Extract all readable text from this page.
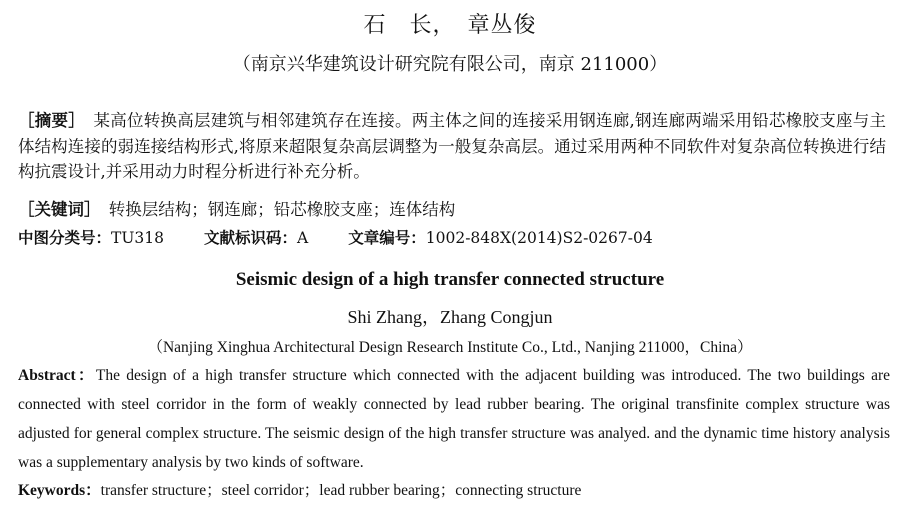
石　长，　章丛俊
（南京兴华建筑设计研究院有限公司，南京 211000）
［摘要］　某高位转换高层建筑与相邻建筑存在连接。两主体之间的连接采用钢连廊,钢连廊两端采用铅芯橡胶支座与主体结构连接的弱连接结构形式,将原来超限复杂高层调整为一般复杂高层。通过采用两种不同软件对复杂高位转换进行结构抗震设计,并采用动力时程分析进行补充分析。
［关键词］　转换层结构；钢连廊；铅芯橡胶支座；连体结构
中图分类号：TU318	文献标识码：A	文章编号：1002-848X(2014)S2-0267-04
Seismic design of a high transfer connected structure
Shi Zhang，Zhang Congjun
（Nanjing Xinghua Architectural Design Research Institute Co., Ltd., Nanjing 211000，China）
Abstract：The design of a high transfer structure which connected with the adjacent building was introduced. The two buildings are connected with steel corridor in the form of weakly connected by lead rubber bearing. The original transfinite complex structure was adjusted for general complex structure. The seismic design of the high transfer structure was analyed. and the dynamic time history analysis was a supplementary analysis by two kinds of software.
Keywords：transfer structure；steel corridor；lead rubber bearing；connecting structure
